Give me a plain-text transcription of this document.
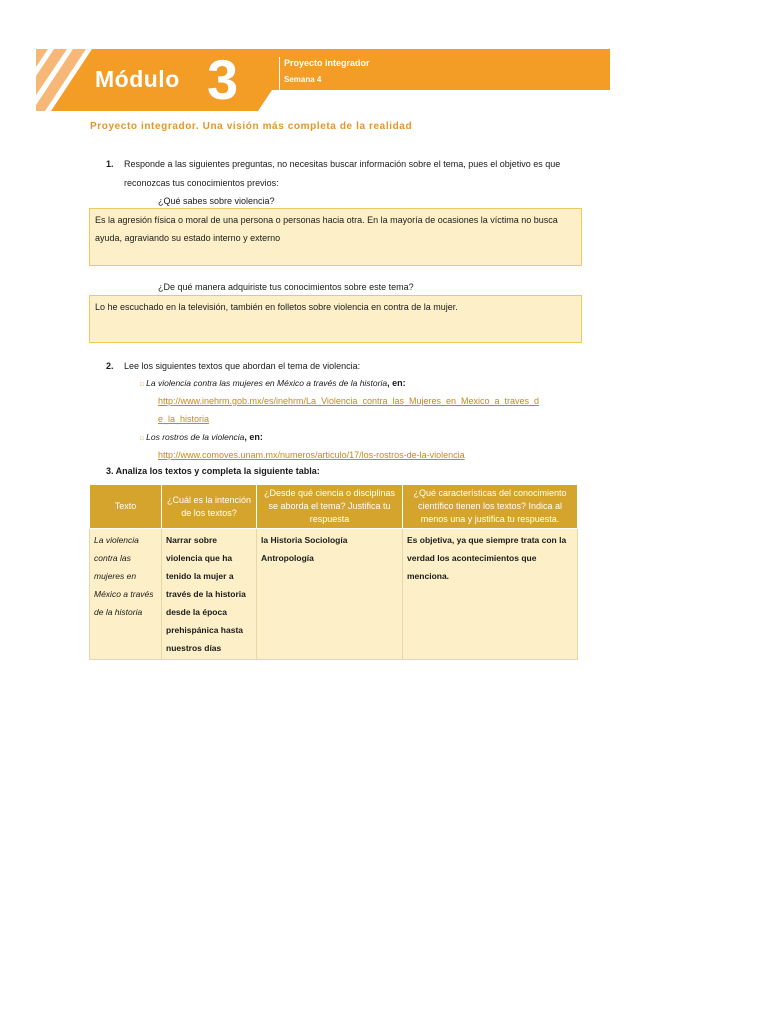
Módulo 3	Proyecto integrador
Semana 4
Proyecto integrador. Una visión más completa de la realidad
1. Responde a las siguientes preguntas, no necesitas buscar información sobre el tema, pues el objetivo es que
reconozcas tus conocimientos previos:
¿Qué sabes sobre violencia?
Es la agresión física o moral de una persona o personas hacia otra. En la mayoría de ocasiones la víctima no busca
ayuda, agraviando su estado interno y externo
¿De qué manera adquiriste tus conocimientos sobre este tema?
Lo he escuchado en la televisión, también en folletos sobre violencia en contra de la mujer.
2. Lee los siguientes textos que abordan el tema de violencia:
□ La violencia contra las mujeres en México a través de la historia, en:
http://www.inehrm.gob.mx/es/inehrm/La_Violencia_contra_las_Mujeres_en_Mexico_a_traves_d
e_la_historia
□ Los rostros de la violencia, en:
http://www.comoves.unam.mx/numeros/articulo/17/los-rostros-de-la-violencia
3. Analiza los textos y completa la siguiente tabla:
Texto	¿Cuál es la intención de los textos?	¿Desde qué ciencia o disciplinas se aborda el tema? Justifica tu respuesta	¿Qué características del conocimiento científico tienen los textos? Indica al menos una y justifica tu respuesta.
La violencia contra las mujeres en México a través de la historia	Narrar sobre violencia que ha tenido la mujer a través de la historia desde la época prehispánica hasta nuestros días	la Historia Sociología Antropología	Es objetiva, ya que siempre trata con la verdad los acontecimientos que menciona.
